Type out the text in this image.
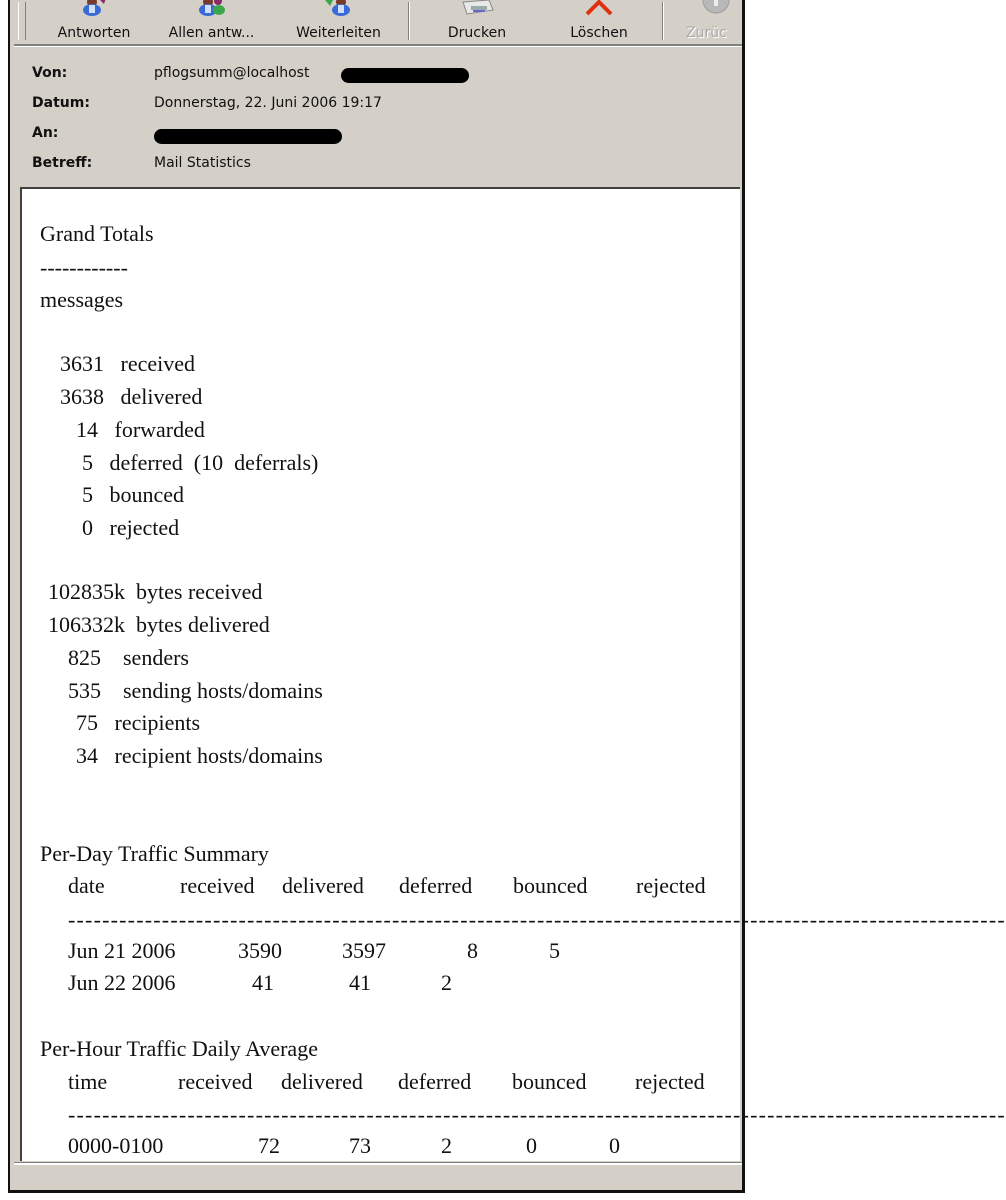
Antworten	Allen antw...	Weiterleiten	Drucken	Löschen	Zurüc
Von:	pflogsumm@localhost
Datum:	Donnerstag, 22. Juni 2006 19:17
An:
Betreff:	Mail Statistics
Grand Totals
------------
messages
3631 received
3638 delivered
14 forwarded
5 deferred  (10  deferrals)
5 bounced
0 rejected
102835k bytes received
106332k bytes delivered
825 senders
535 sending hosts/domains
75 recipients
34 recipient hosts/domains
Per-Day Traffic Summary
date	received delivered deferred bounced rejected
--------------------------------------------------------------------------------------------------------------
Jun 21 2006	3590	3597	8	5
Jun 22 2006	41	41	2
Per-Hour Traffic Daily Average
time	received delivered deferred bounced rejected
--------------------------------------------------------------------------------------------------------------
0000-0100	72	73	2	0	0
